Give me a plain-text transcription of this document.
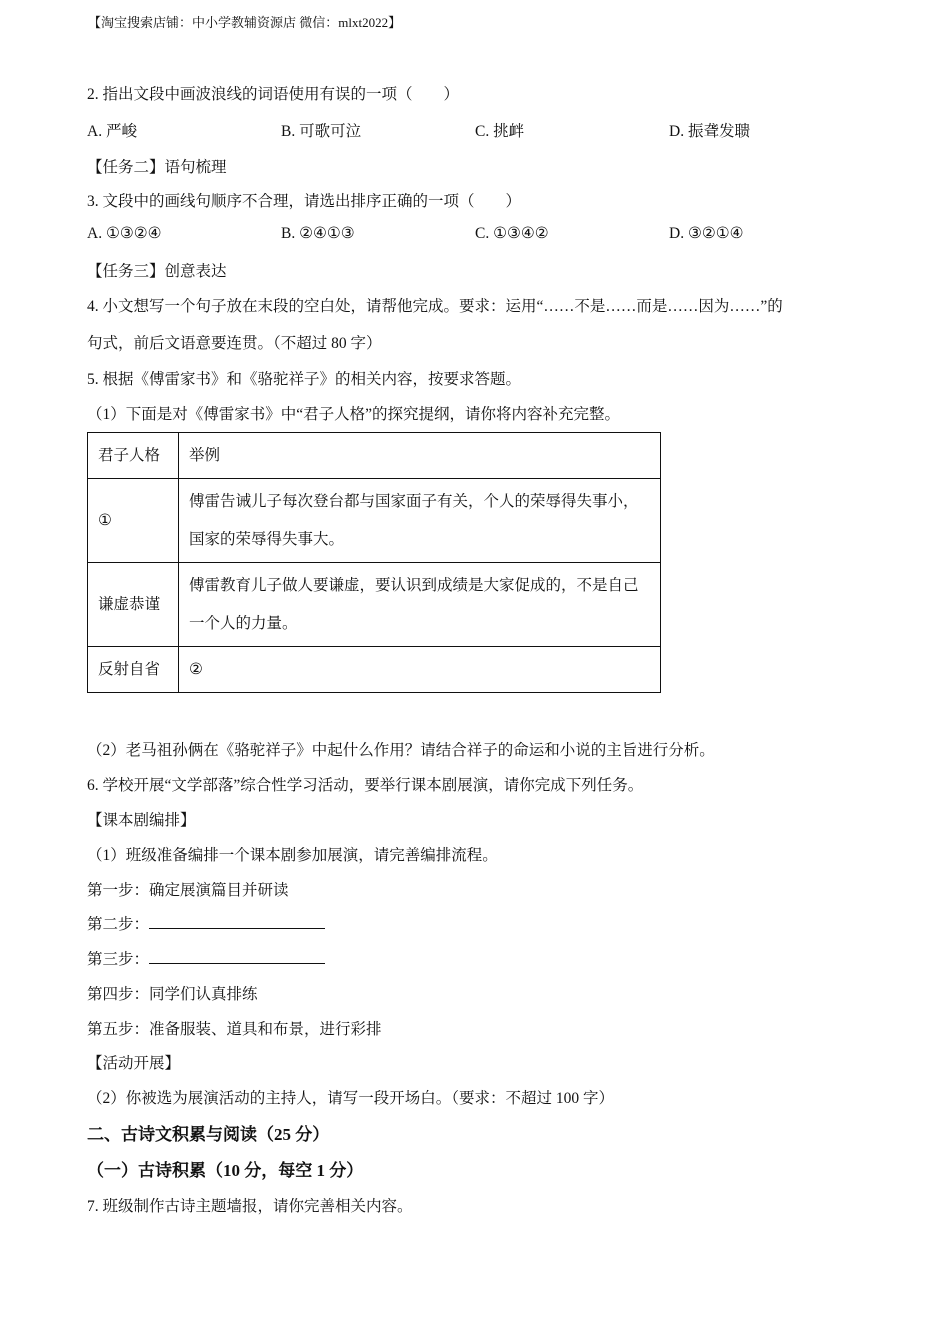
【淘宝搜索店铺：中小学教辅资源店 微信：mlxt2022】
2. 指出文段中画波浪线的词语使用有误的一项（　　）
A. 严峻	B. 可歌可泣	C. 挑衅	D. 振聋发聩
【任务二】语句梳理
3. 文段中的画线句顺序不合理，请选出排序正确的一项（　　）
A. ①③②④	B. ②④①③	C. ①③④②	D. ③②①④
【任务三】创意表达
4. 小文想写一个句子放在末段的空白处，请帮他完成。要求：运用“……不是……而是……因为……”的
句式，前后文语意要连贯。（不超过 80 字）
5. 根据《傅雷家书》和《骆驼祥子》的相关内容，按要求答题。
（1）下面是对《傅雷家书》中“君子人格”的探究提纲，请你将内容补充完整。
君子人格	举例
①	傅雷告诫儿子每次登台都与国家面子有关，个人的荣辱得失事小，国家的荣辱得失事大。
谦虚恭谨	傅雷教育儿子做人要谦虚，要认识到成绩是大家促成的，不是自己一个人的力量。
反射自省	②
（2）老马祖孙俩在《骆驼祥子》中起什么作用？请结合祥子的命运和小说的主旨进行分析。
6. 学校开展“文学部落”综合性学习活动，要举行课本剧展演，请你完成下列任务。
【课本剧编排】
（1）班级准备编排一个课本剧参加展演，请完善编排流程。
第一步：确定展演篇目并研读
第二步：
第三步：
第四步：同学们认真排练
第五步：准备服装、道具和布景，进行彩排
【活动开展】
（2）你被选为展演活动的主持人，请写一段开场白。（要求：不超过 100 字）
二、古诗文积累与阅读（25 分）
（一）古诗积累（10 分，每空 1 分）
7. 班级制作古诗主题墙报，请你完善相关内容。
